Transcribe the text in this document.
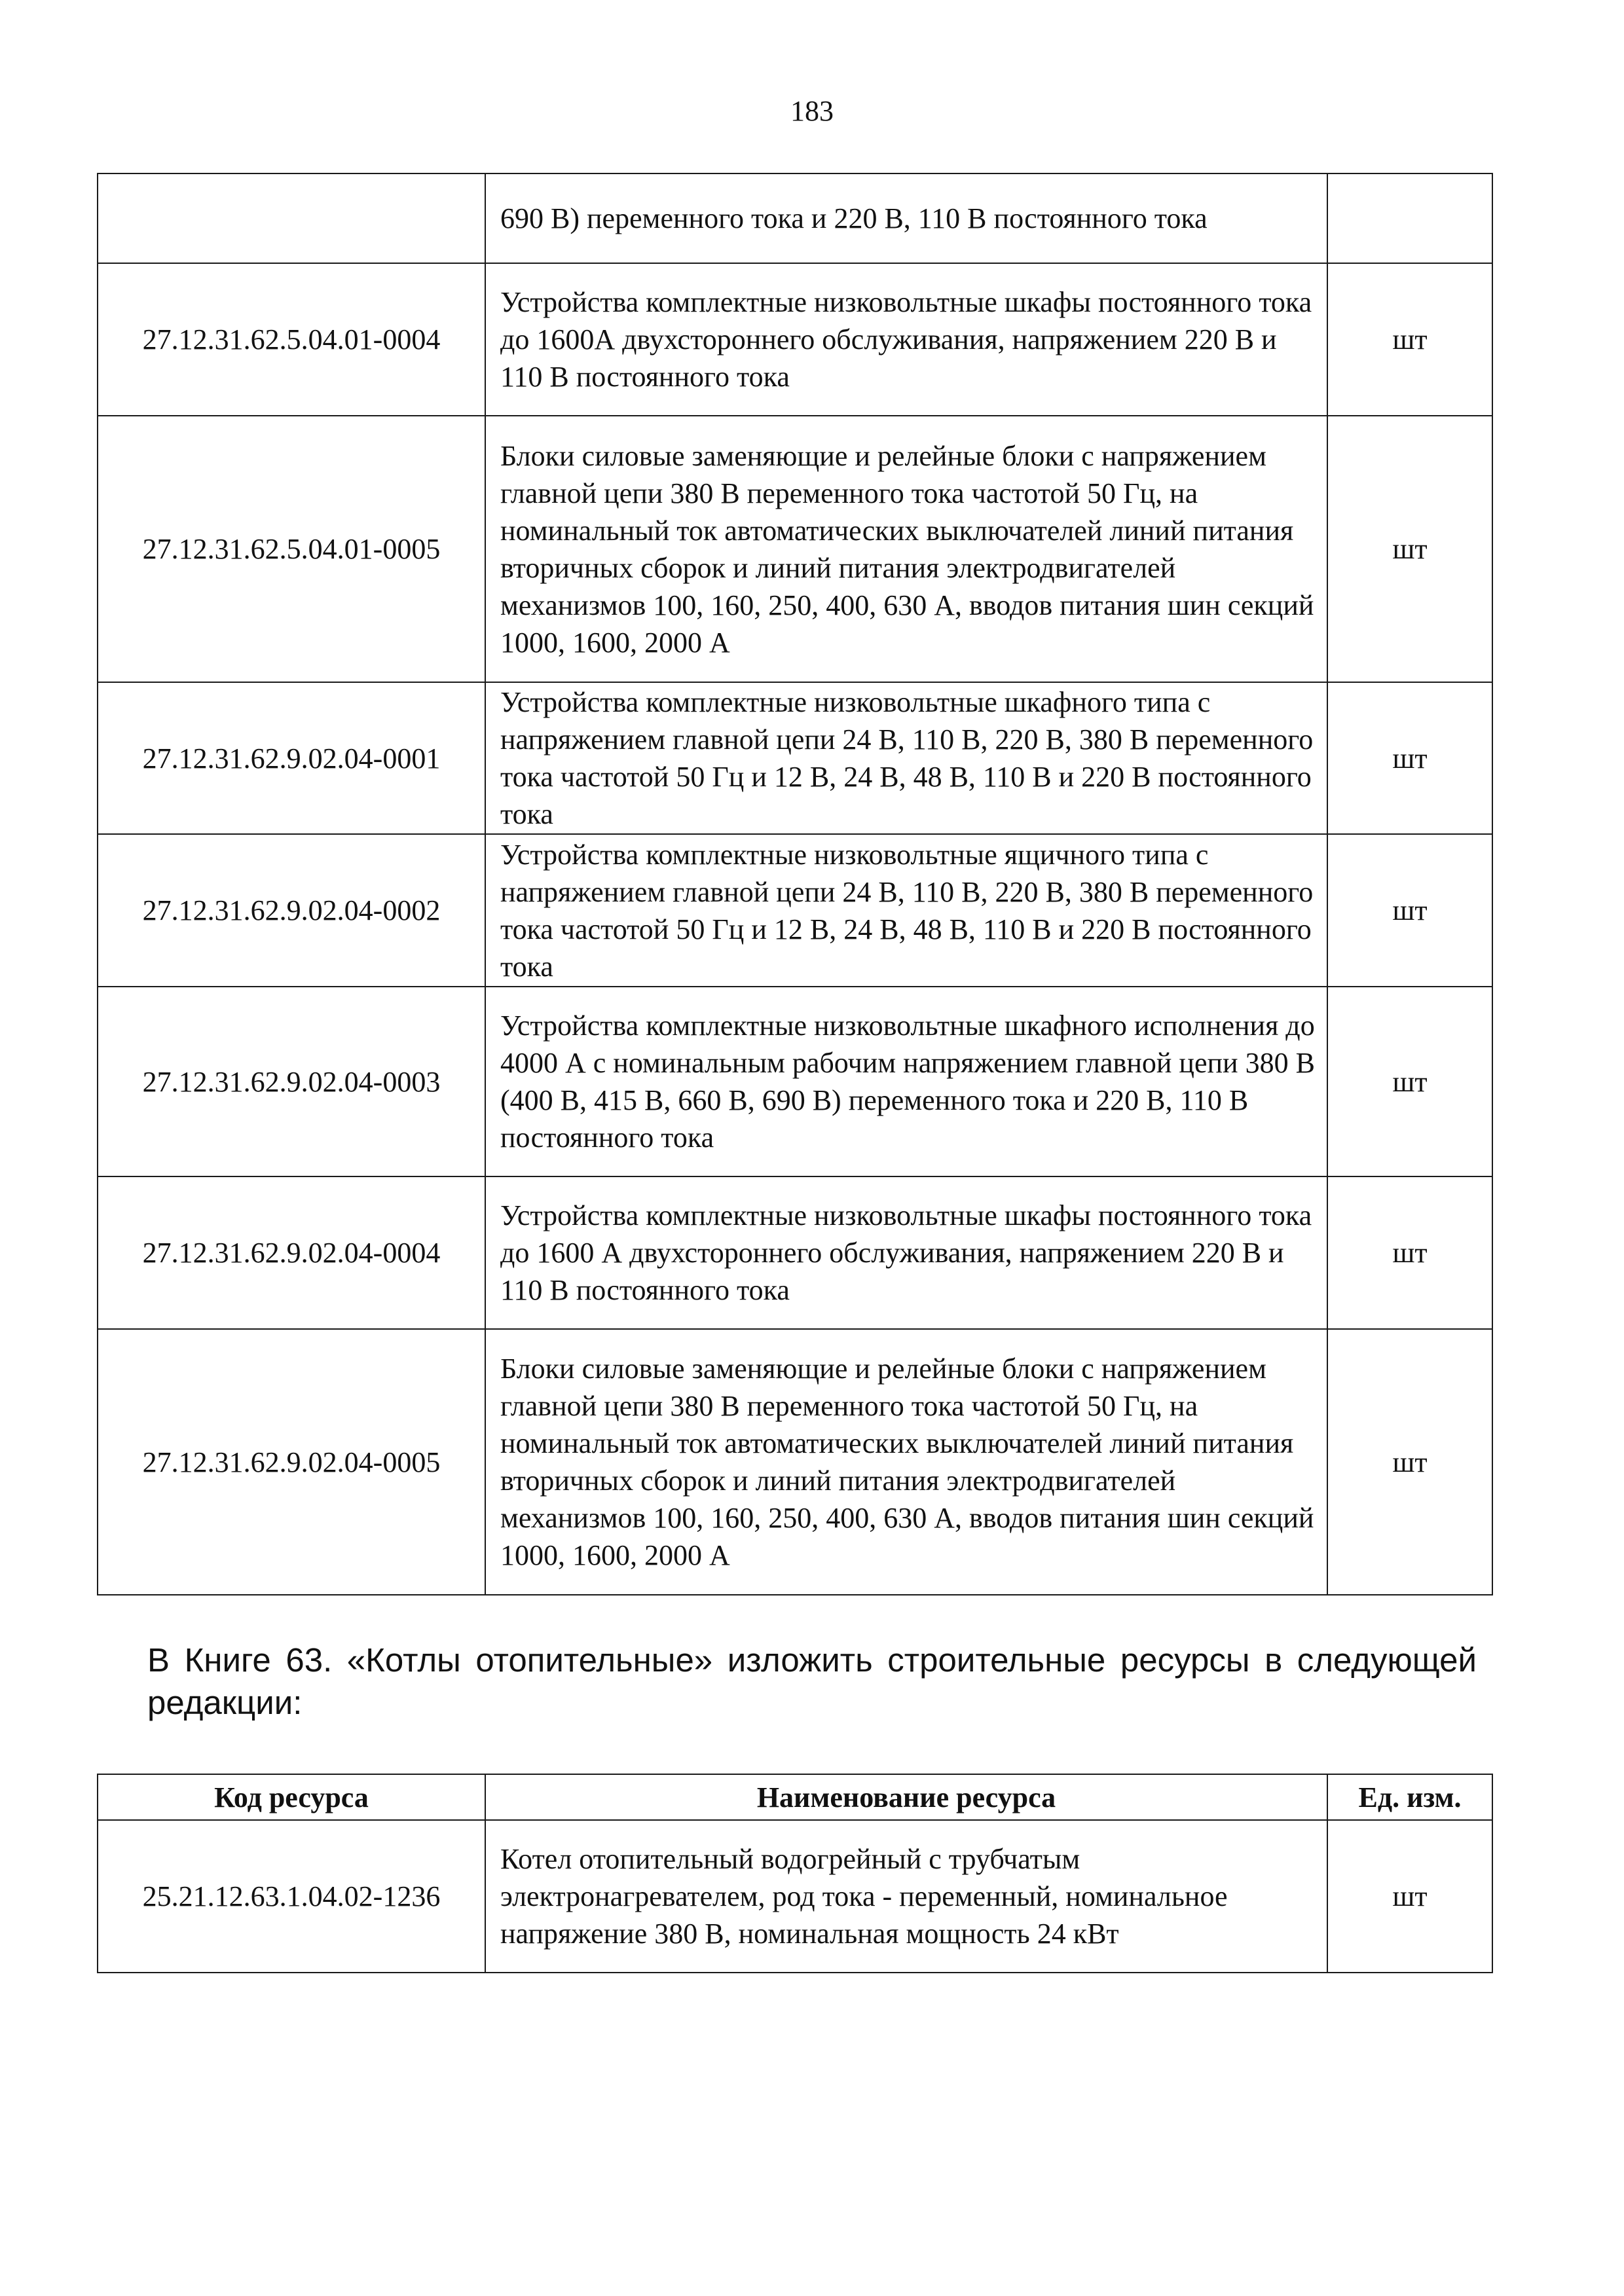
183
	690 В) переменного тока и 220 В, 110 В постоянного тока	
27.12.31.62.5.04.01-0004	Устройства комплектные низковольтные шкафы постоянного тока до 1600А двухстороннего обслуживания, напряжением 220 В и 110 В постоянного тока	шт
27.12.31.62.5.04.01-0005	Блоки силовые заменяющие и релейные блоки с напряжением главной цепи 380 В переменного тока частотой 50 Гц, на номинальный ток автоматических выключателей линий питания вторичных сборок и линий питания электродвигателей механизмов 100, 160, 250, 400, 630 А, вводов питания шин секций 1000, 1600, 2000 А	шт
27.12.31.62.9.02.04-0001	Устройства комплектные низковольтные шкафного типа с напряжением главной цепи 24 В, 110 В, 220 В, 380 В переменного тока частотой 50 Гц и 12 В, 24 В, 48 В, 110 В и 220 В постоянного тока	шт
27.12.31.62.9.02.04-0002	Устройства комплектные низковольтные ящичного типа с напряжением главной цепи 24 В, 110 В, 220 В, 380 В переменного тока частотой 50 Гц и 12 В, 24 В, 48 В, 110 В и 220 В постоянного тока	шт
27.12.31.62.9.02.04-0003	Устройства комплектные низковольтные шкафного исполнения до 4000 А с номинальным рабочим напряжением главной цепи 380 В (400 В, 415 В, 660 В, 690 В) переменного тока и 220 В, 110 В постоянного тока	шт
27.12.31.62.9.02.04-0004	Устройства комплектные низковольтные шкафы постоянного тока до 1600 А двухстороннего обслуживания, напряжением 220 В и 110 В постоянного тока	шт
27.12.31.62.9.02.04-0005	Блоки силовые заменяющие и релейные блоки с напряжением главной цепи 380 В переменного тока частотой 50 Гц, на номинальный ток автоматических выключателей линий питания вторичных сборок и линий питания электродвигателей механизмов 100, 160, 250, 400, 630 А, вводов питания шин секций 1000, 1600, 2000 А	шт
В Книге 63. «Котлы отопительные» изложить строительные ресурсы в следующей редакции:
Код ресурса	Наименование ресурса	Ед. изм.
25.21.12.63.1.04.02-1236	Котел отопительный водогрейный с трубчатым электронагревателем, род тока - переменный, номинальное напряжение 380 В, номинальная мощность 24 кВт	шт
